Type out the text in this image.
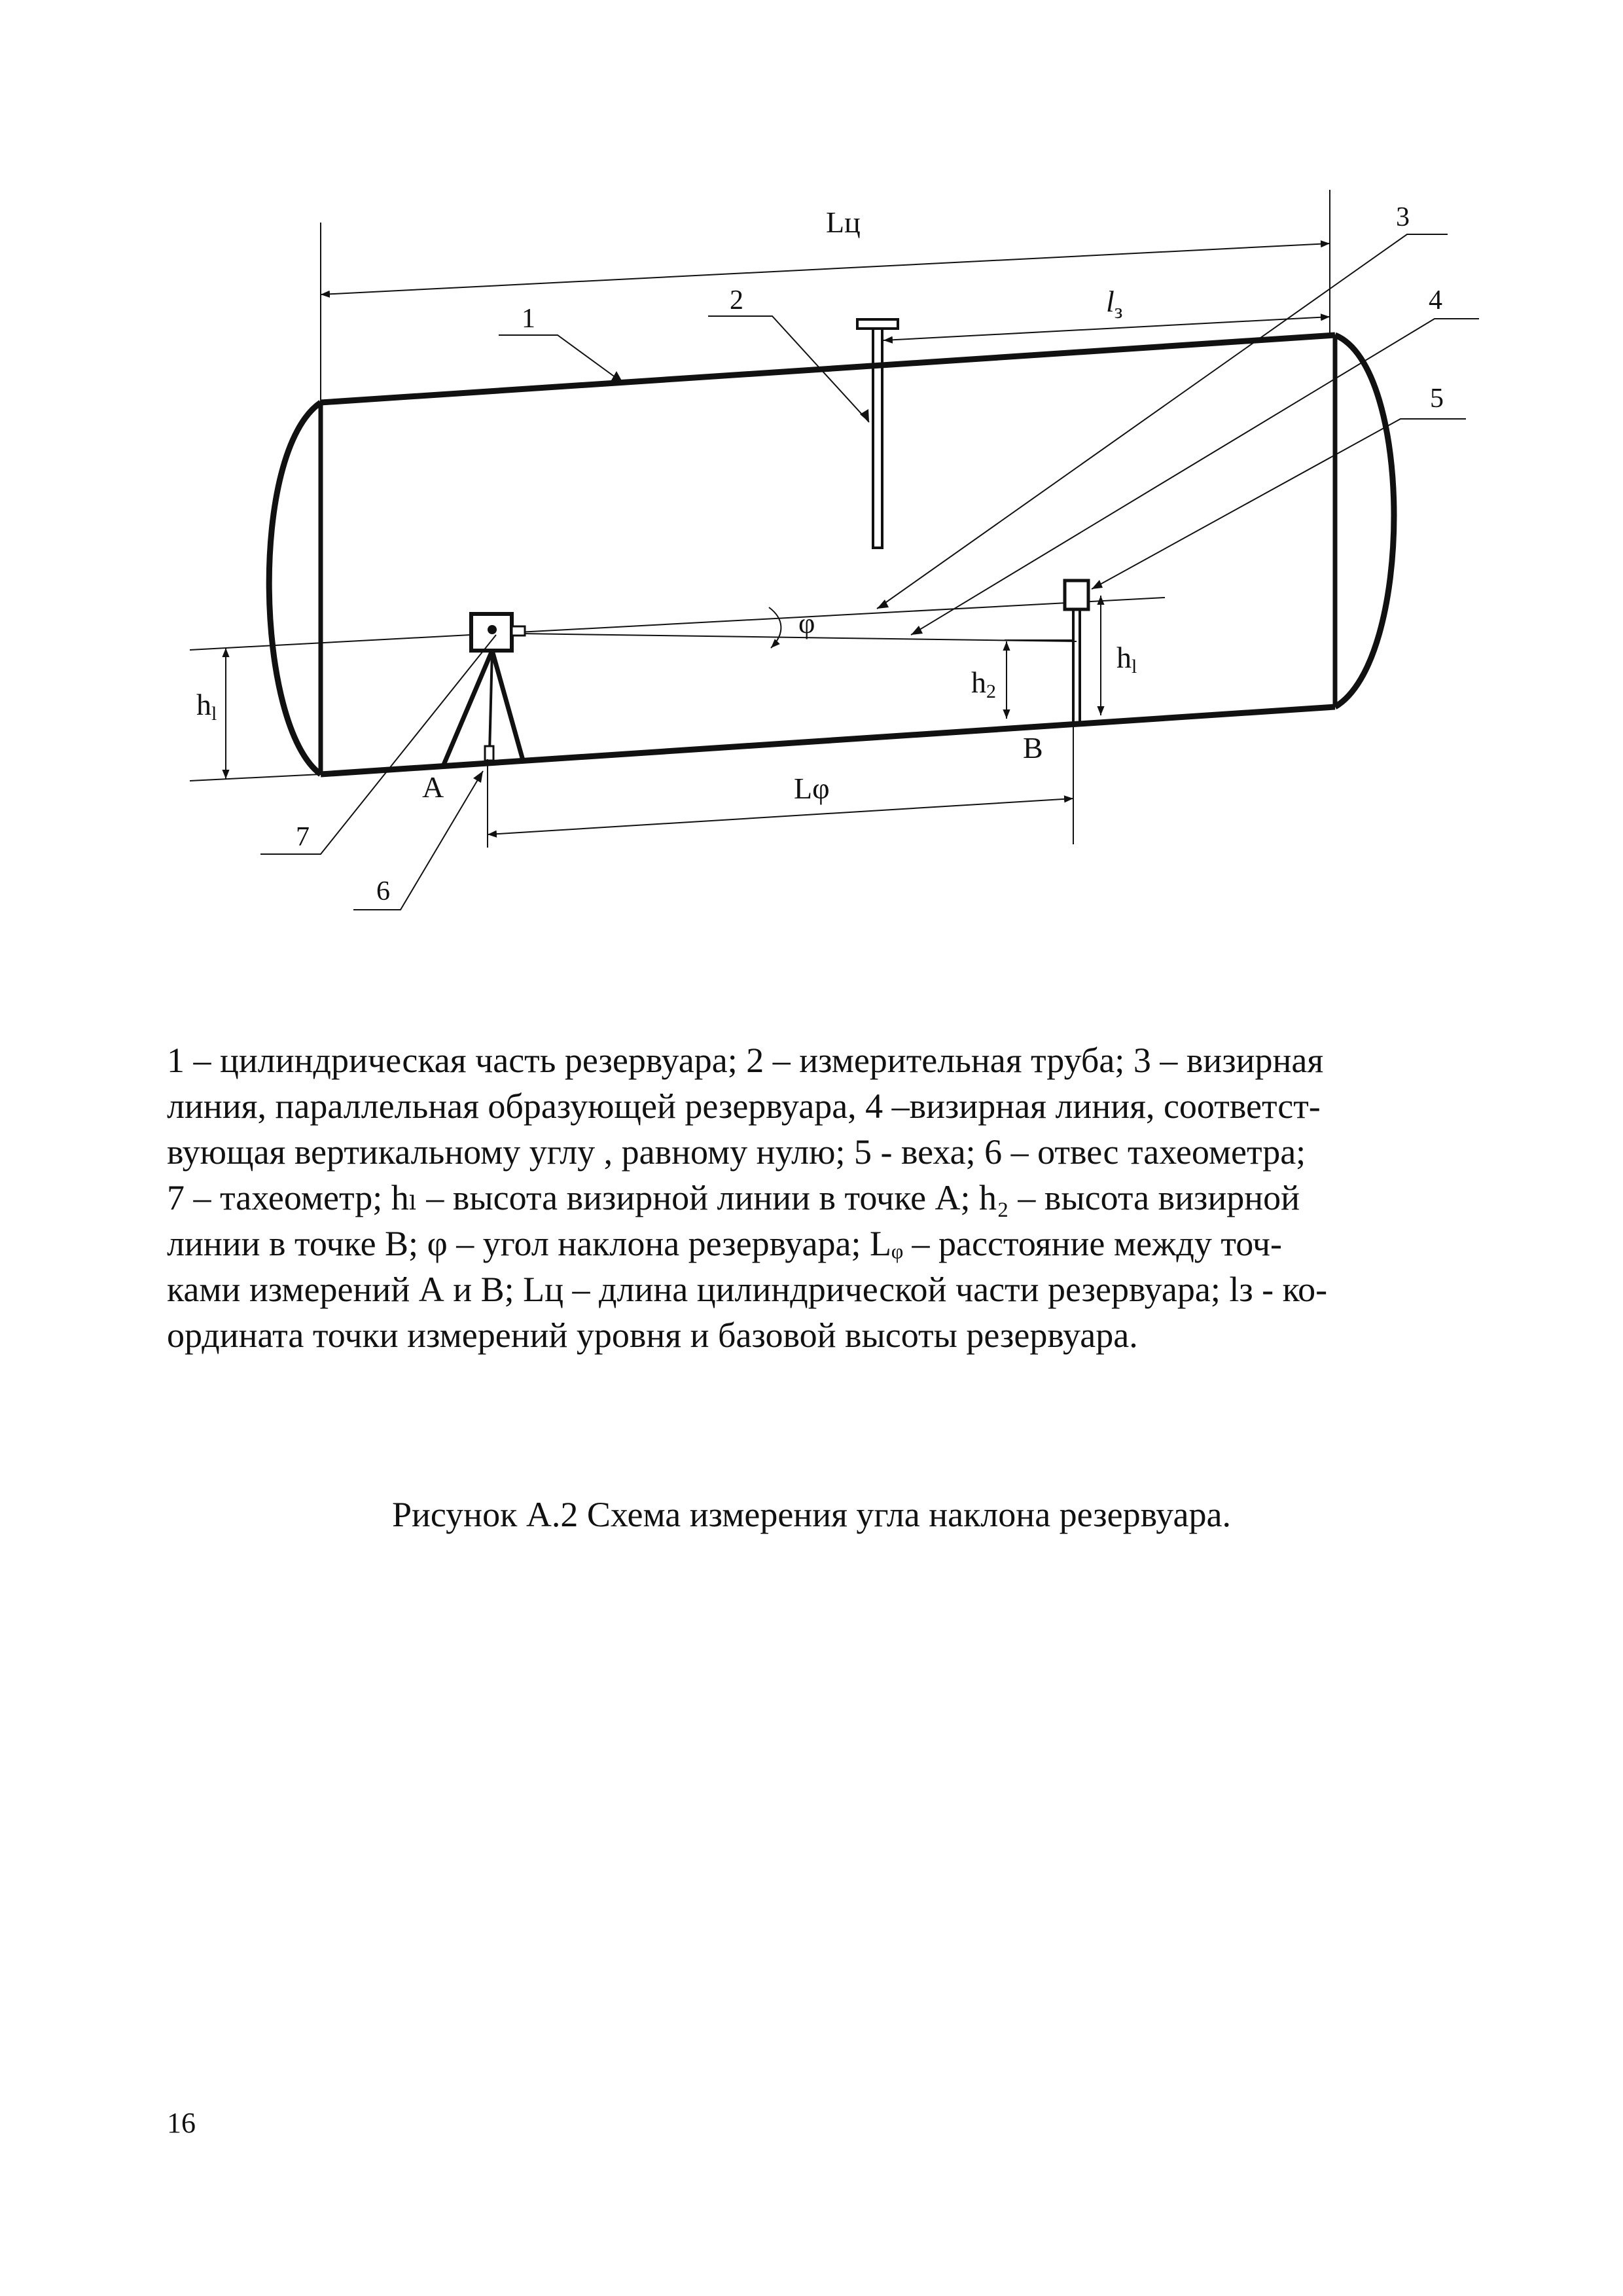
Lц
$l_з$
φ
hl
h2
hl
A
B
Lφ
1
2
3
4
5
6
7
1 – цилиндрическая часть резервуара; 2 – измерительная труба; 3 – визирная
линия, параллельная образующей резервуара, 4 –визирная линия, соответст-
вующая вертикальному углу , равному нулю; 5 - веха; 6 – отвес тахеометра;
7 – тахеометр; hₗ – высота визирной линии в точке А; h₂ – высота визирной
линии в точке В; φ – угол наклона резервуара; Lᵩ – расстояние между точ-
ками измерений А и В; Lц – длина цилиндрической части резервуара; lз - ко-
ордината точки измерений уровня и базовой высоты резервуара.

Рисунок А.2 Схема измерения угла наклона резервуара.

16
